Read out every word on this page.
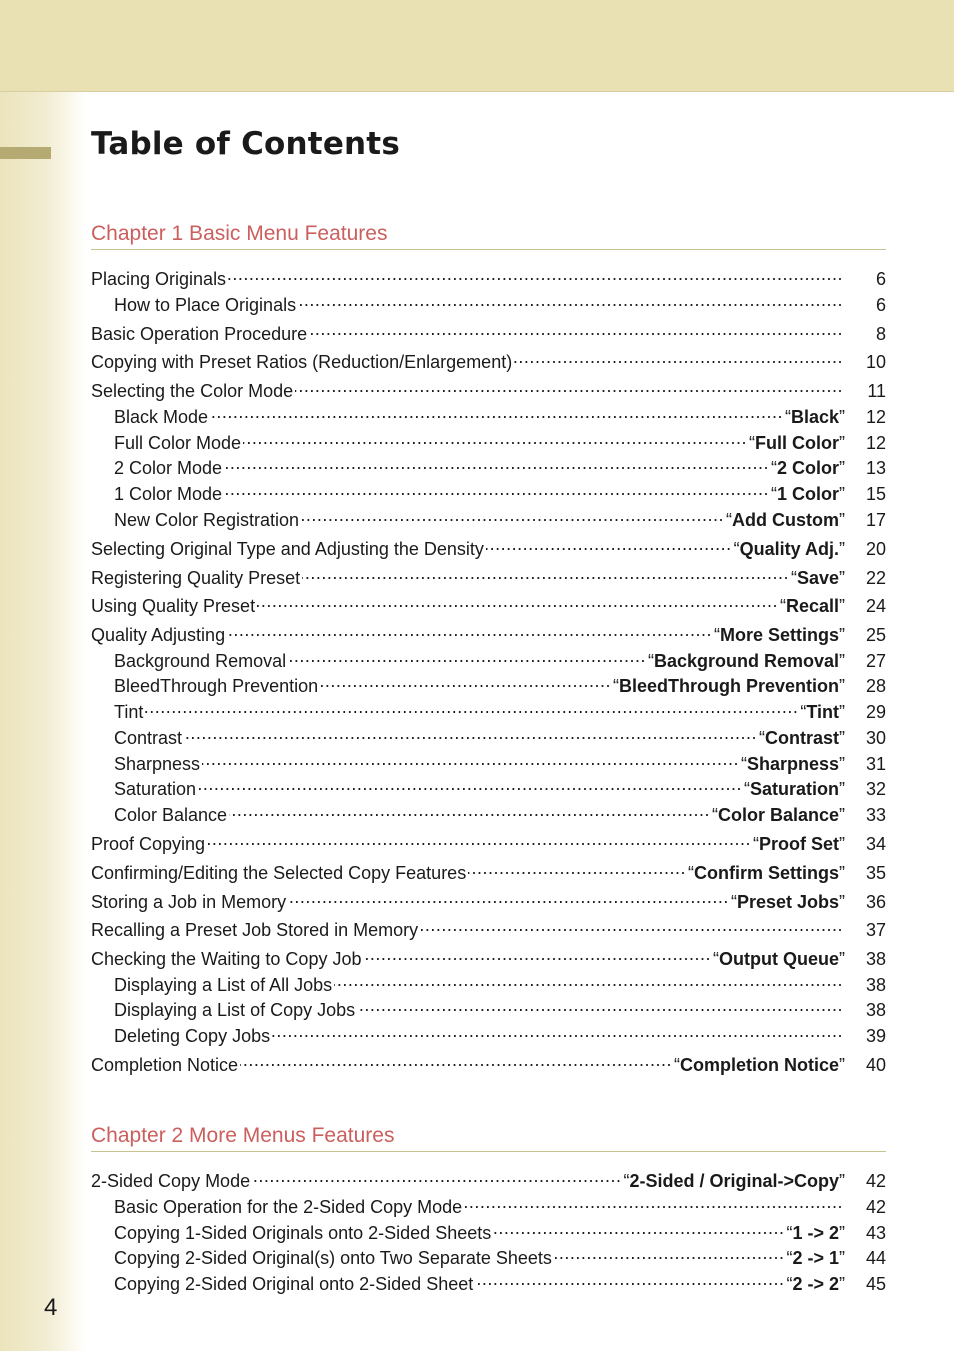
Table of Contents
Chapter 1 Basic Menu Features
Placing Originals .....	6
How to Place Originals .....	6
Basic Operation Procedure .....	8
Copying with Preset Ratios (Reduction/Enlargement) .....	10
Selecting the Color Mode .....	11
Black Mode .....	“Black”	12
Full Color Mode .....	“Full Color”	12
2 Color Mode .....	“2 Color”	13
1 Color Mode .....	“1 Color”	15
New Color Registration .....	“Add Custom”	17
Selecting Original Type and Adjusting the Density .....	“Quality Adj.”	20
Registering Quality Preset .....	“Save”	22
Using Quality Preset .....	“Recall”	24
Quality Adjusting .....	“More Settings”	25
Background Removal .....	“Background Removal”	27
BleedThrough Prevention .....	“BleedThrough Prevention”	28
Tint .....	“Tint”	29
Contrast .....	“Contrast”	30
Sharpness .....	“Sharpness”	31
Saturation .....	“Saturation”	32
Color Balance .....	“Color Balance”	33
Proof Copying .....	“Proof Set”	34
Confirming/Editing the Selected Copy Features .....	“Confirm Settings”	35
Storing a Job in Memory .....	“Preset Jobs”	36
Recalling a Preset Job Stored in Memory .....	37
Checking the Waiting to Copy Job .....	“Output Queue”	38
Displaying a List of All Jobs .....	38
Displaying a List of Copy Jobs .....	38
Deleting Copy Jobs .....	39
Completion Notice .....	“Completion Notice”	40
Chapter 2 More Menus Features
2-Sided Copy Mode .....	“2-Sided / Original->Copy”	42
Basic Operation for the 2-Sided Copy Mode .....	42
Copying 1-Sided Originals onto 2-Sided Sheets .....	“1 -> 2”	43
Copying 2-Sided Original(s) onto Two Separate Sheets .....	“2 -> 1”	44
Copying 2-Sided Original onto 2-Sided Sheet .....	“2 -> 2”	45
4
